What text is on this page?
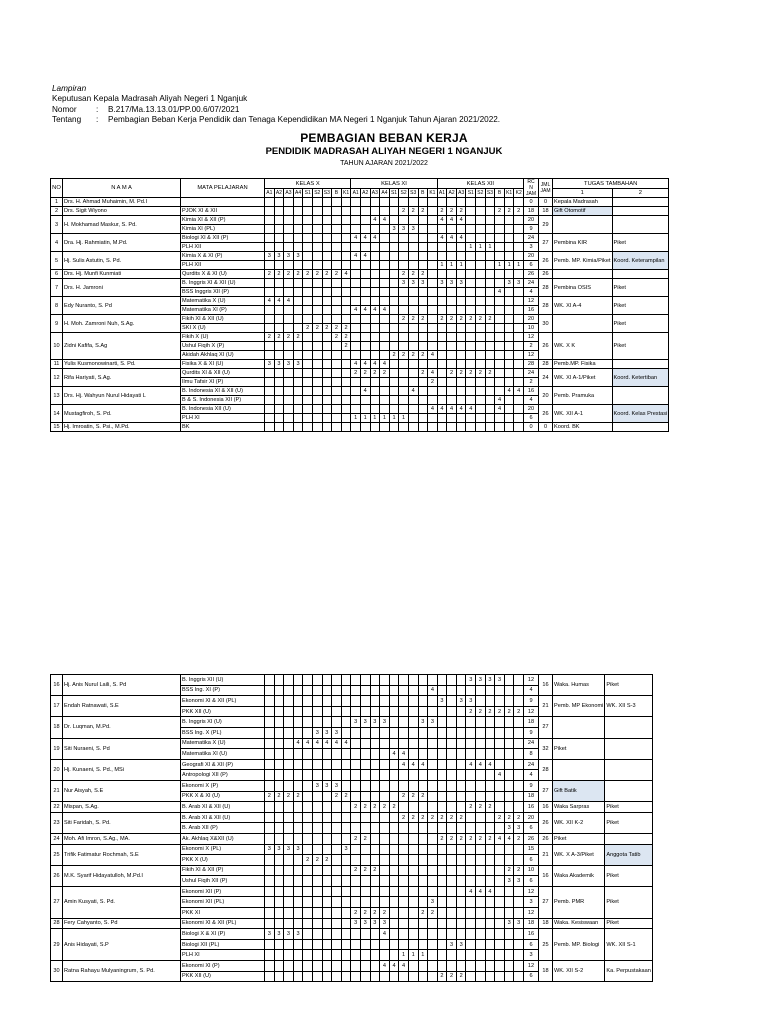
Lampiran
Keputusan Kepala Madrasah Aliyah Negeri 1 Nganjuk
Nomor : B.217/Ma.13.13.01/PP.00.6/07/2021
Tentang : Pembagian Beban Kerja Pendidik dan Tenaga Kependidikan MA Negeri 1 Nganjuk Tahun Ajaran 2021/2022.
PEMBAGIAN BEBAN KERJA
PENDIDIK MADRASAH ALIYAH NEGERI 1 NGANJUK
TAHUN AJARAN 2021/2022
NO	N A M A	MATA PELAJARAN	KELAS X									KELAS XI									KELAS XII									RC N JAM	JML JAM	TUGAS TAMBAHAN	
			A1	A2	A3	A4	S1	S2	S3	B	K1	A1	A2	A3	A4	S1	S2	S3	B	K1	A1	A2	A3	S1	S2	S3	B	K1	K2			1	2
1	Drs. H. Ahmad Muhaimin, M. Pd.I																													0	0	Kepala Madrasah	
2	Drs. Sigit Wiyono	PJOK XI & XII															2	2	2		2	2	2				2	2	2	18	18	Gift Otomotif	
3	H. Mokhamad Maskur, S. Pd.	Kimia XI & XII (P)												4	4						4	4	4							20	29		
		Kimia XI (PL)														3	3	3												9			
4	Dra. Hj. Rahmiatin, M.Pd.	Biologi XI & XII (P)										4	4	4							4	4	4							24	27	Pembina KIR	Piket
		PLH XII																						1	1	1				3			
5	Hj. Sulis Astutin, S. Pd.	Kimia X & XI (P)	3	3	3	3						4	4																	20	26	Pemb. MP. Kimia/Piket	Koord. Keterampilan
		PLH XII																			1	1	1				1	1	1	6			
6	Drs. Hj. Munfi Kunmiati	Qurdits X & XI (U)	2	2	2	2	2	2	2	2	4						2	2	2											26	26		
7	Drs. H. Jamroni	B. Inggris XI & XII (U)															3	3	3		3	3	3					3	3	24	28	Pembina OSIS	Piket
		BSS Inggris XII (P)																									4			4			
8	Edy Nuranto, S. Pd	Matematika X (U)	4	4	4																									12	28	WK. XI A-4	Piket
		Matematika XI (P)										4	4	4	4															16			
9	H. Moh. Zamroni Nuh, S.Ag.	Fikih XI & XII (U)															2	2	2		2	2	2	2	2	2				20	30		Piket
		SKI X (U)					2	2	2	2	2																			10			
10	Zidni Kafifa, S.Ag	Fikih X (U)	2	2	2	2				2	2																			12	26	WK. X K	Piket
		Ushul Fiqih X (P)									2																			2			
		Akidah Akhlaq XI (U)														2	2	2	2	4										12			
11	Yulis Kusmonowinarti, S. Pd.	Fisika X & XI (U)	3	3	3	3						4	4	4	4															28	28	Pemb.MP. Fisika	
12	Rifa Hariyati, S.Ag.	Qurdits XI & XII (U)										2	2	2	2				2	4		2	2	2	2	2				24	24	WK. XI A-1/Piket	Koord. Ketertiban
		Ilmu Tafsir XI (P)																		2										2			
13	Drs. Hj. Wahyun Nurul Hidayati L	B. Indonesia XI & XII (U)											4					4										4	4	16	20	Pemb. Pramuka	
		B & S. Indonesia XII (P)																									4			4			
14	Mustagfiroh, S. Pd.	B. Indonesia XII (U)																		4	4	4	4	4			4			20	26	WK. XII A-1	Koord. Kelas Prestasi
		PLH XI										1	1	1	1	1	1													6			
15	Hj. Imroatin, S. Psi., M.Pd.	BK																												0	0	Koord. BK	
16	Hj. Anis Nurul Laili, S. Pd	B. Inggris XII (U)																						3	3	3	3			12	16	Waka. Humas	Piket
		BSS Ing. XI (P)																		4										4			
17	Endah Ratnawati, S.E	Ekonomi XI & XII (PL)																			3		3	3						9	21	Pemb. MP Ekonomi	WK. XII S-3
		PKK XII (U)																						2	2	2	2	2	2	12			
18	Dr. Luqman, M.Pd.	B. Inggris XI (U)										3	3	3	3				3	3										18	27		
		BSS Ing. X (PL)						3	3	3																				9			
19	Siti Nuraeni, S. Pd	Matematika X (U)				4	4	4	4	4	4																			24	32	Piket	
		Matematika XI (U)														4	4													8			
20	Hj. Kunaeni, S. Pd., MSi	Geografi XI & XII (P)															4	4	4					4	4	4				24	28		
		Antropologi XII (P)																									4			4			
21	Nur Aisyah, S.E	Ekonomi X (P)						3	3	3																				9	27	Gift Batik	
		PKK X & XI (U)	2	2	2	2				2	2						2	2	2											18			
22	Mispan, S.Ag.	B. Arab XI & XII (U)										2	2	2	2	2								2	2	2				16	16	Waka Sarpras	Piket
23	Siti Faridah, S. Pd.	B. Arab XI & XII (U)															2	2	2	2	2	2	2				2	2	2	20	26	WK. XII K-2	Piket
		B. Arab XII (P)																										3	3	6			
24	Moh. Afi Imron, S.Ag., MA.	Ak. Akhlaq X&XII (U)										2	2								2	2	2	2	2	2	4	4	2	26	26	Piket	
25	Trifik Fatimatur Rochmah, S.E	Ekonomi X (PL)	3	3	3	3					3																			15	21	WK. X A-3/Piket	Anggota Tatib
		PKK X (U)					2	2	2																					6			
26	M.K. Syarif Hidayatulloh, M.Pd.I	Fikih XI & XII (P)										2	2	2														2	2	10	16	Waka Akademik	Piket
		Ushul Fiqih XII (P)																										3	3	6			
27	Amin Kusyati, S. Pd.	Ekonomi XII (P)																						4	4	4				12	27	Pemb. PMR	Piket
		Ekonomi XII (PL)																		3										3			
		PKK XI										2	2	2	2				2	2										12			
28	Fery Cahyanto, S. Pd	Ekonomi XI & XII (PL)										3	3	3	3													3	3	18	18	Waka. Kesiswaan	Piket
29	Anis Hidayati, S.P	Biologi X & XI (P)	3	3	3	3									4															16	25	Pemb. MP. Biologi	WK. XII S-1
		Biologi XII (PL)																				3	3							6			
		PLH XI															1	1	1											3			
30	Ratna Rahayu Mulyaningrum, S. Pd.	Ekonomi XI (P)													4	4	4													12	18	WK. XII S-2	Ka. Perpustakaan
		PKK XII (U)																			2	2	2							6			
